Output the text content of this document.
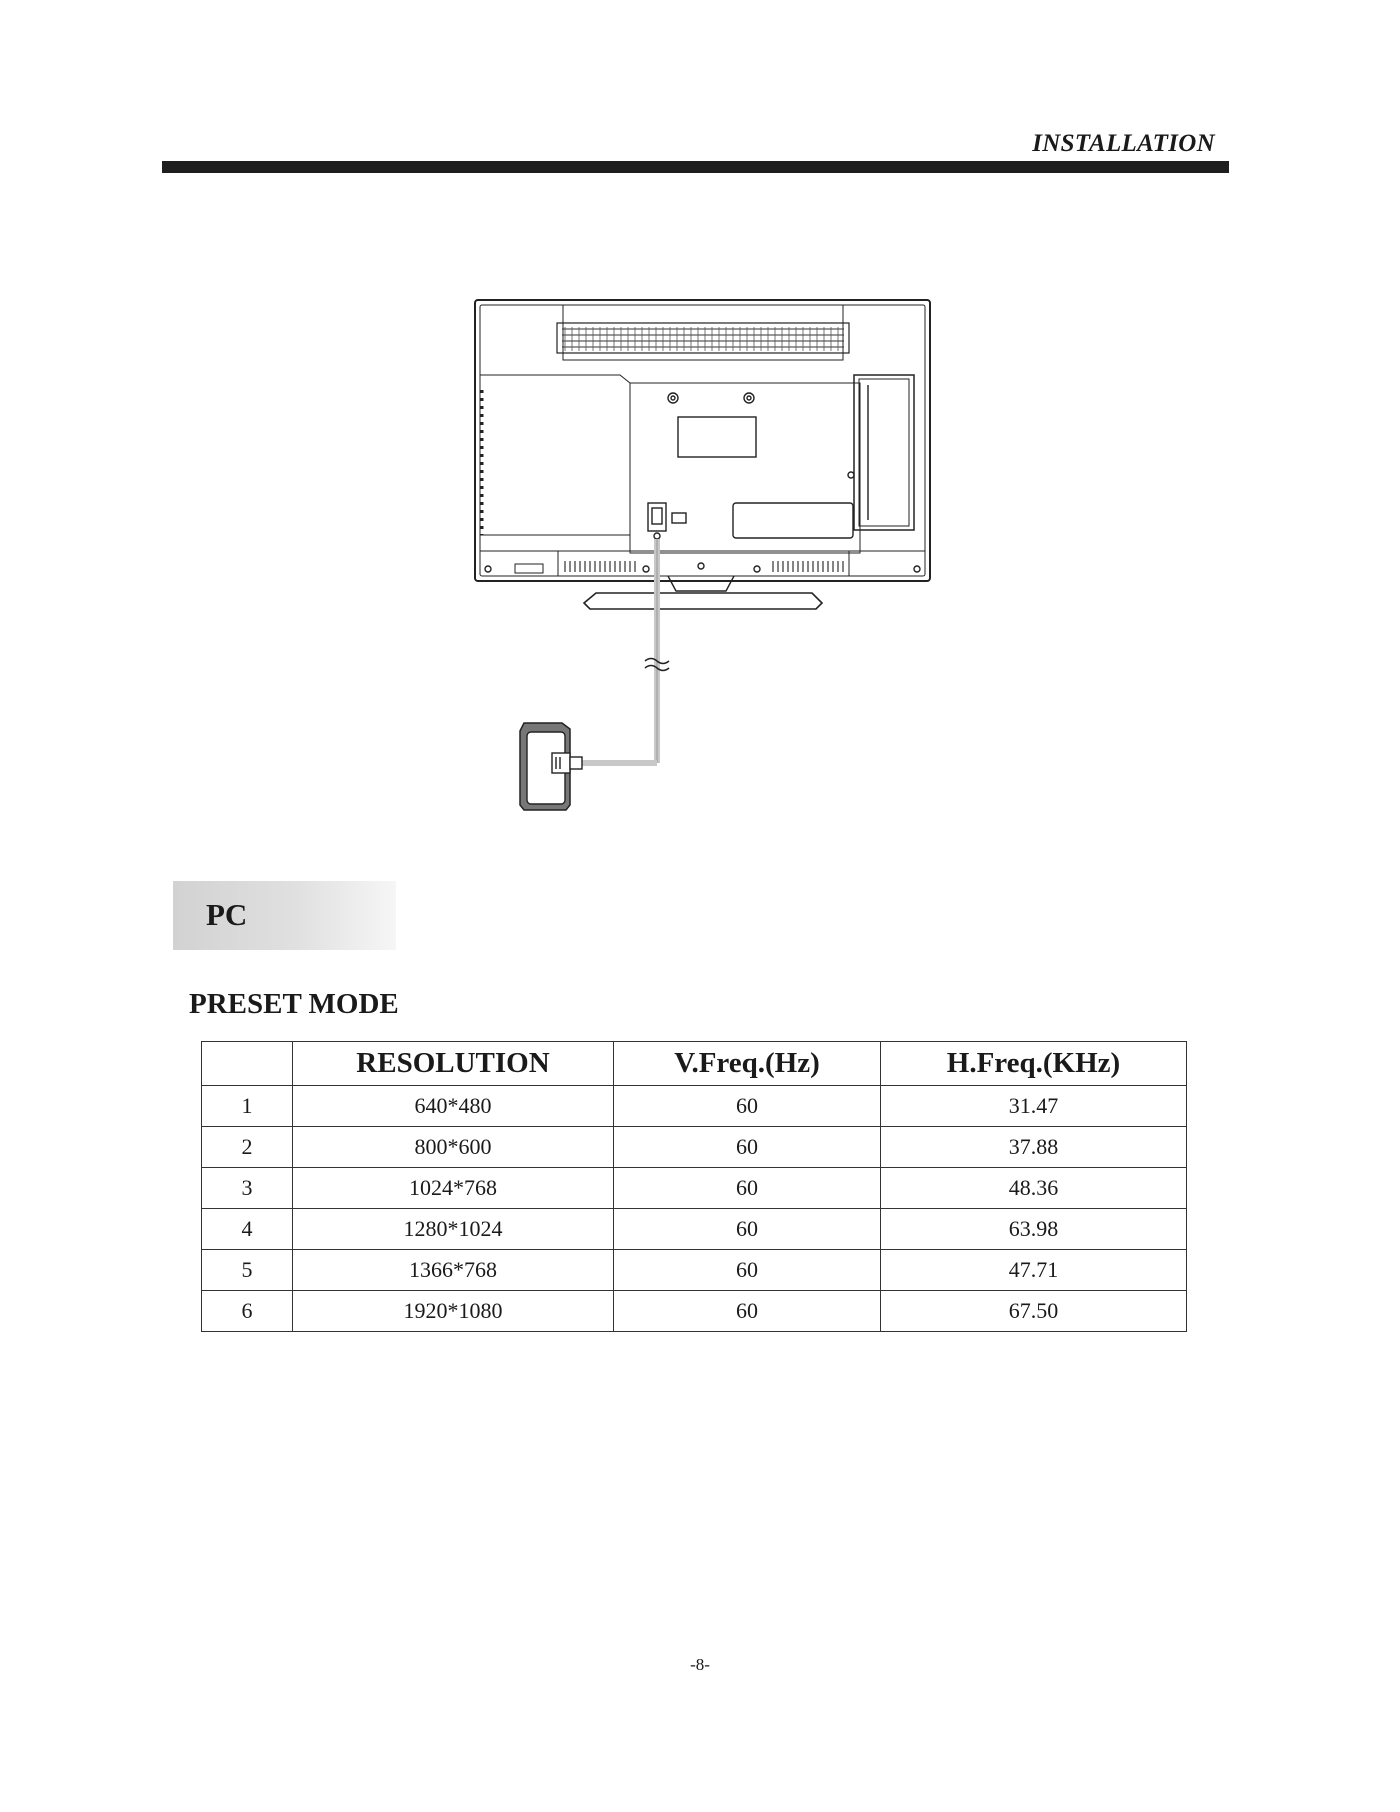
INSTALLATION
PC
PRESET MODE
	RESOLUTION	V.Freq.(Hz)	H.Freq.(KHz)
1	640*480	60	31.47
2	800*600	60	37.88
3	1024*768	60	48.36
4	1280*1024	60	63.98
5	1366*768	60	47.71
6	1920*1080	60	67.50
-8-
